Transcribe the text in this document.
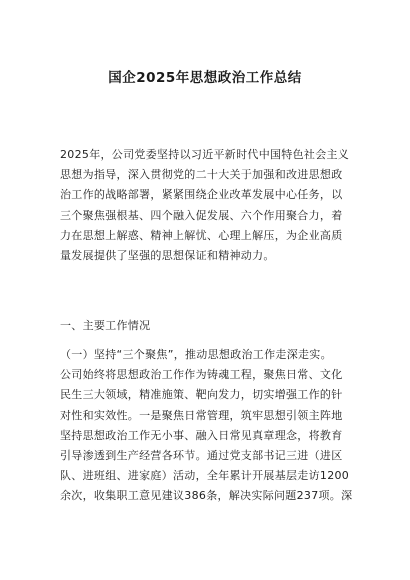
国企2025年思想政治工作总结
2025年，公司党委坚持以习近平新时代中国特色社会主义
思想为指导，深入贯彻党的二十大关于加强和改进思想政
治工作的战略部署，紧紧围绕企业改革发展中心任务，以
三个聚焦强根基、四个融入促发展、六个作用聚合力，着
力在思想上解惑、精神上解忧、心理上解压，为企业高质
量发展提供了坚强的思想保证和精神动力。
一、主要工作情况
（一）坚持“三个聚焦”，推动思想政治工作走深走实。
公司始终将思想政治工作作为铸魂工程，聚焦日常、文化
民生三大领域，精准施策、靶向发力，切实增强工作的针
对性和实效性。一是聚焦日常管理，筑牢思想引领主阵地
坚持思想政治工作无小事、融入日常见真章理念，将教育
引导渗透到生产经营各环节。通过党支部书记三进（进区
队、进班组、进家庭）活动，全年累计开展基层走访1200
余次，收集职工意见建议386条，解决实际问题237项。深
